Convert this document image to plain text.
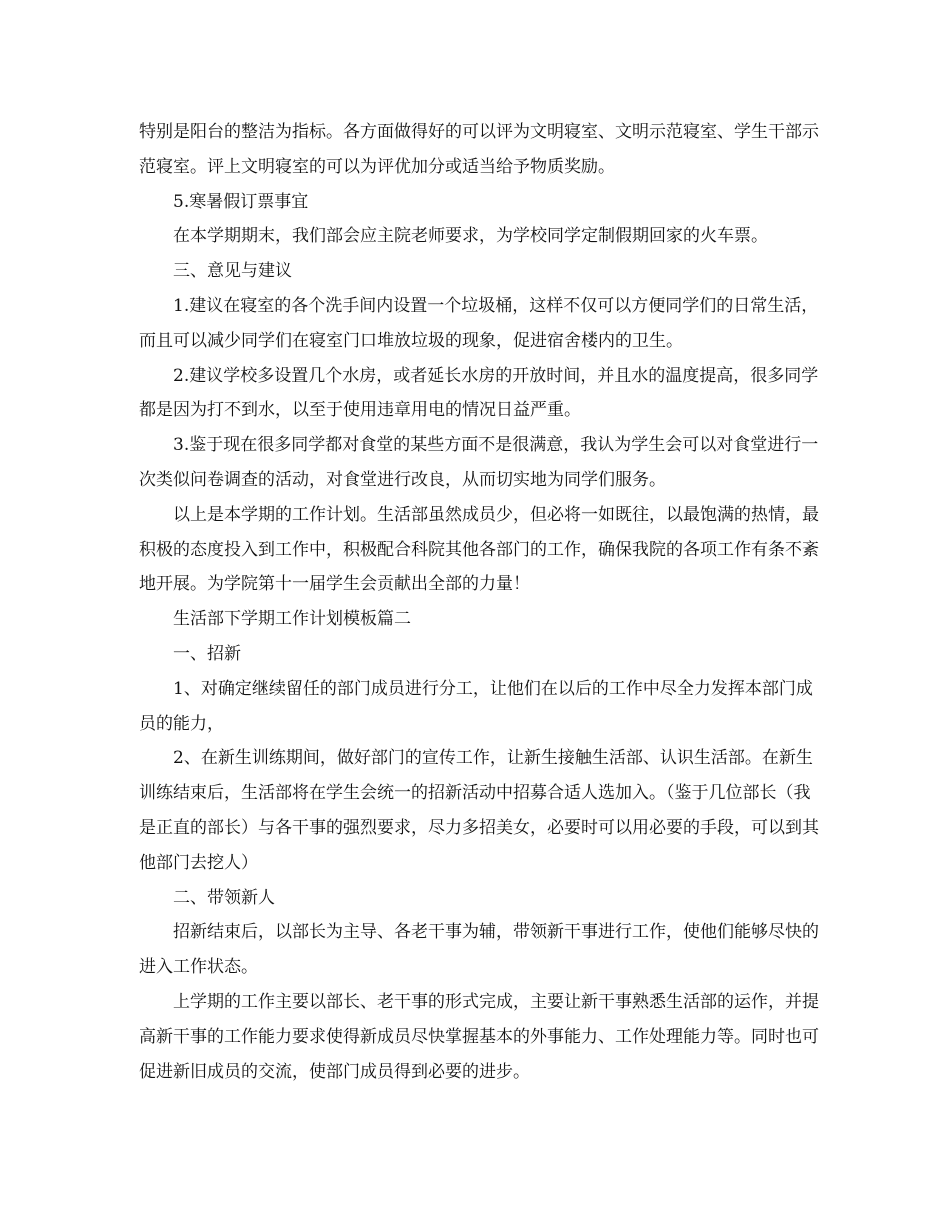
特别是阳台的整洁为指标。各方面做得好的可以评为文明寝室、文明示范寝室、学生干部示范寝室。评上文明寝室的可以为评优加分或适当给予物质奖励。

5.寒暑假订票事宜

在本学期期末，我们部会应主院老师要求，为学校同学定制假期回家的火车票。

三、意见与建议

1.建议在寝室的各个洗手间内设置一个垃圾桶，这样不仅可以方便同学们的日常生活，而且可以减少同学们在寝室门口堆放垃圾的现象，促进宿舍楼内的卫生。

2.建议学校多设置几个水房，或者延长水房的开放时间，并且水的温度提高，很多同学都是因为打不到水，以至于使用违章用电的情况日益严重。

3.鉴于现在很多同学都对食堂的某些方面不是很满意，我认为学生会可以对食堂进行一次类似问卷调查的活动，对食堂进行改良，从而切实地为同学们服务。

以上是本学期的工作计划。生活部虽然成员少，但必将一如既往，以最饱满的热情，最积极的态度投入到工作中，积极配合科院其他各部门的工作，确保我院的各项工作有条不紊地开展。为学院第十一届学生会贡献出全部的力量！

生活部下学期工作计划模板篇二

一、招新

1、对确定继续留任的部门成员进行分工，让他们在以后的工作中尽全力发挥本部门成员的能力，

2、在新生训练期间，做好部门的宣传工作，让新生接触生活部、认识生活部。在新生训练结束后，生活部将在学生会统一的招新活动中招募合适人选加入。（鉴于几位部长（我是正直的部长）与各干事的强烈要求，尽力多招美女，必要时可以用必要的手段，可以到其他部门去挖人）

二、带领新人

招新结束后，以部长为主导、各老干事为辅，带领新干事进行工作，使他们能够尽快的进入工作状态。

上学期的工作主要以部长、老干事的形式完成，主要让新干事熟悉生活部的运作，并提高新干事的工作能力要求使得新成员尽快掌握基本的外事能力、工作处理能力等。同时也可促进新旧成员的交流，使部门成员得到必要的进步。
